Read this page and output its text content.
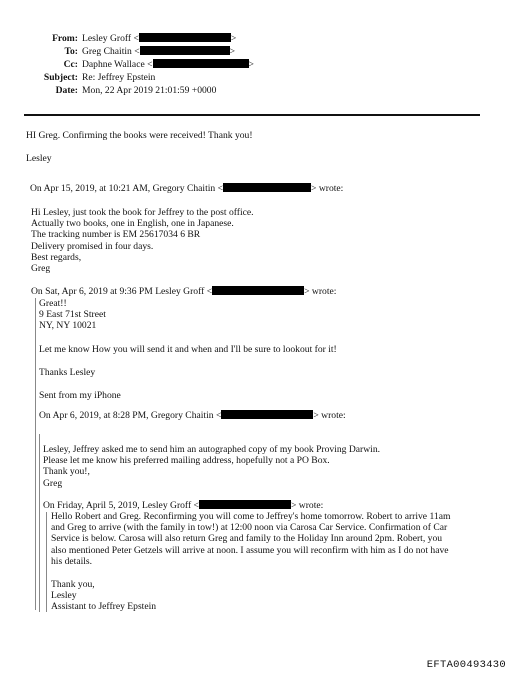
From: Lesley Groff <	>
To: Greg Chaitin <	>
Cc: Daphne Wallace <	>
Subject: Re: Jeffrey Epstein
Date: Mon, 22 Apr 2019 21:01:59 +0000
HI Greg. Confirming the books were received! Thank you!
Lesley
On Apr 15, 2019, at 10:21 AM, Gregory Chaitin <	> wrote:
Hi Lesley, just took the book for Jeffrey to the post office.
Actually two books, one in English, one in Japanese.
The tracking number is EM 25617034 6 BR
Delivery promised in four days.
Best regards,
Greg
On Sat, Apr 6, 2019 at 9:36 PM Lesley Groff <	> wrote:
Great!!
9 East 71st Street
NY, NY 10021
Let me know How you will send it and when and I'll be sure to lookout for it!
Thanks Lesley
Sent from my iPhone
On Apr 6, 2019, at 8:28 PM, Gregory Chaitin <	> wrote:
Lesley, Jeffrey asked me to send him an autographed copy of my book Proving Darwin.
Please let me know his preferred mailing address, hopefully not a PO Box.
Thank you!,
Greg
On Friday, April 5, 2019, Lesley Groff <	> wrote:
Hello Robert and Greg. Reconfirming you will come to Jeffrey's home tomorrow. Robert to arrive 11am
and Greg to arrive (with the family in tow!) at 12:00 noon via Carosa Car Service. Confirmation of Car
Service is below. Carosa will also return Greg and family to the Holiday Inn around 2pm. Robert, you
also mentioned Peter Getzels will arrive at noon. I assume you will reconfirm with him as I do not have
his details.
Thank you,
Lesley
Assistant to Jeffrey Epstein
EFTA00493430
